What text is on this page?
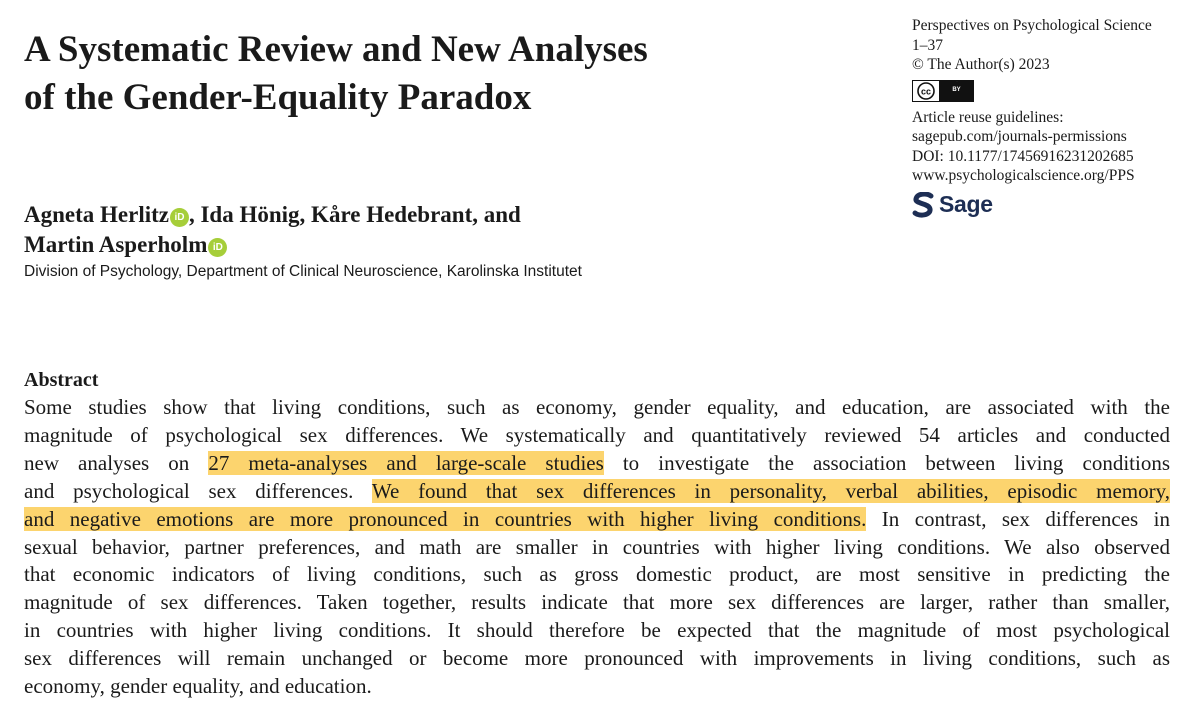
A Systematic Review and New Analyses
of the Gender-Equality Paradox
Perspectives on Psychological Science
1–37
© The Author(s) 2023
cc	BY
Article reuse guidelines:
sagepub.com/journals-permissions
DOI: 10.1177/17456916231202685
www.psychologicalscience.org/PPS
Sage
Agneta Herlitz iD , Ida Hönig, Kåre Hedebrant, and
Martin Asperholm iD
Division of Psychology, Department of Clinical Neuroscience, Karolinska Institutet
Abstract
Some studies show that living conditions, such as economy, gender equality, and education, are associated with the
magnitude of psychological sex differences. We systematically and quantitatively reviewed 54 articles and conducted
new analyses on 27 meta-analyses and large-scale studies to investigate the association between living conditions
and psychological sex differences. We found that sex differences in personality, verbal abilities, episodic memory,
and negative emotions are more pronounced in countries with higher living conditions. In contrast, sex differences in
sexual behavior, partner preferences, and math are smaller in countries with higher living conditions. We also observed
that economic indicators of living conditions, such as gross domestic product, are most sensitive in predicting the
magnitude of sex differences. Taken together, results indicate that more sex differences are larger, rather than smaller,
in countries with higher living conditions. It should therefore be expected that the magnitude of most psychological
sex differences will remain unchanged or become more pronounced with improvements in living conditions, such as
economy, gender equality, and education.
